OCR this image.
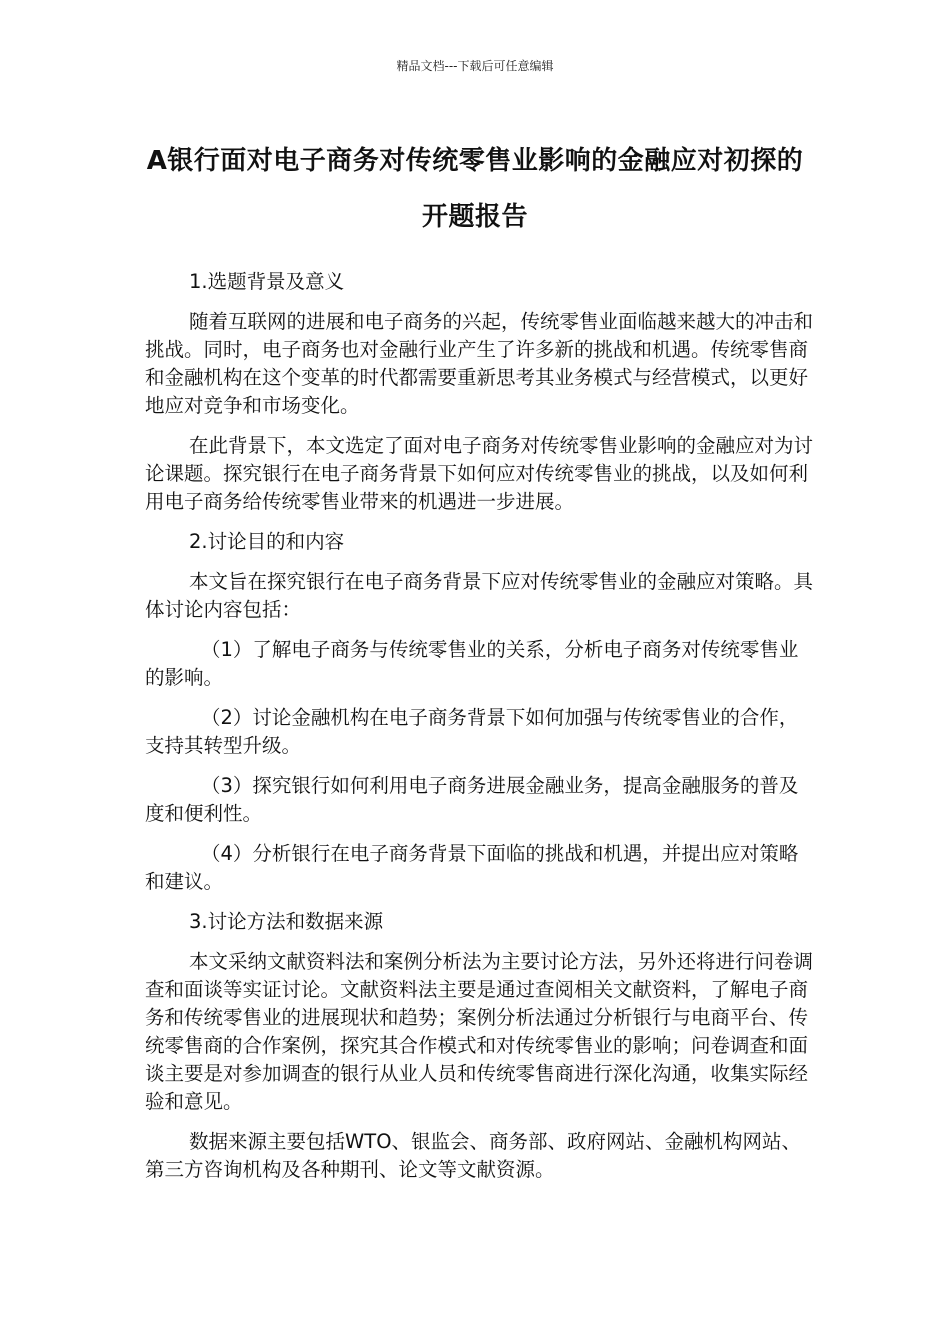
精品文档---下载后可任意编辑
A银行面对电子商务对传统零售业影响的金融应对初探的开题报告

1.选题背景及意义

随着互联网的进展和电子商务的兴起，传统零售业面临越来越大的冲击和挑战。同时，电子商务也对金融行业产生了许多新的挑战和机遇。传统零售商和金融机构在这个变革的时代都需要重新思考其业务模式与经营模式，以更好地应对竞争和市场变化。

在此背景下，本文选定了面对电子商务对传统零售业影响的金融应对为讨论课题。探究银行在电子商务背景下如何应对传统零售业的挑战，以及如何利用电子商务给传统零售业带来的机遇进一步进展。

2.讨论目的和内容

本文旨在探究银行在电子商务背景下应对传统零售业的金融应对策略。具体讨论内容包括：

（1）了解电子商务与传统零售业的关系，分析电子商务对传统零售业的影响。

（2）讨论金融机构在电子商务背景下如何加强与传统零售业的合作，支持其转型升级。

（3）探究银行如何利用电子商务进展金融业务，提高金融服务的普及度和便利性。

（4）分析银行在电子商务背景下面临的挑战和机遇，并提出应对策略和建议。

3.讨论方法和数据来源

本文采纳文献资料法和案例分析法为主要讨论方法，另外还将进行问卷调查和面谈等实证讨论。文献资料法主要是通过查阅相关文献资料，了解电子商务和传统零售业的进展现状和趋势；案例分析法通过分析银行与电商平台、传统零售商的合作案例，探究其合作模式和对传统零售业的影响；问卷调查和面谈主要是对参加调查的银行从业人员和传统零售商进行深化沟通，收集实际经验和意见。

数据来源主要包括WTO、银监会、商务部、政府网站、金融机构网站、第三方咨询机构及各种期刊、论文等文献资源。
